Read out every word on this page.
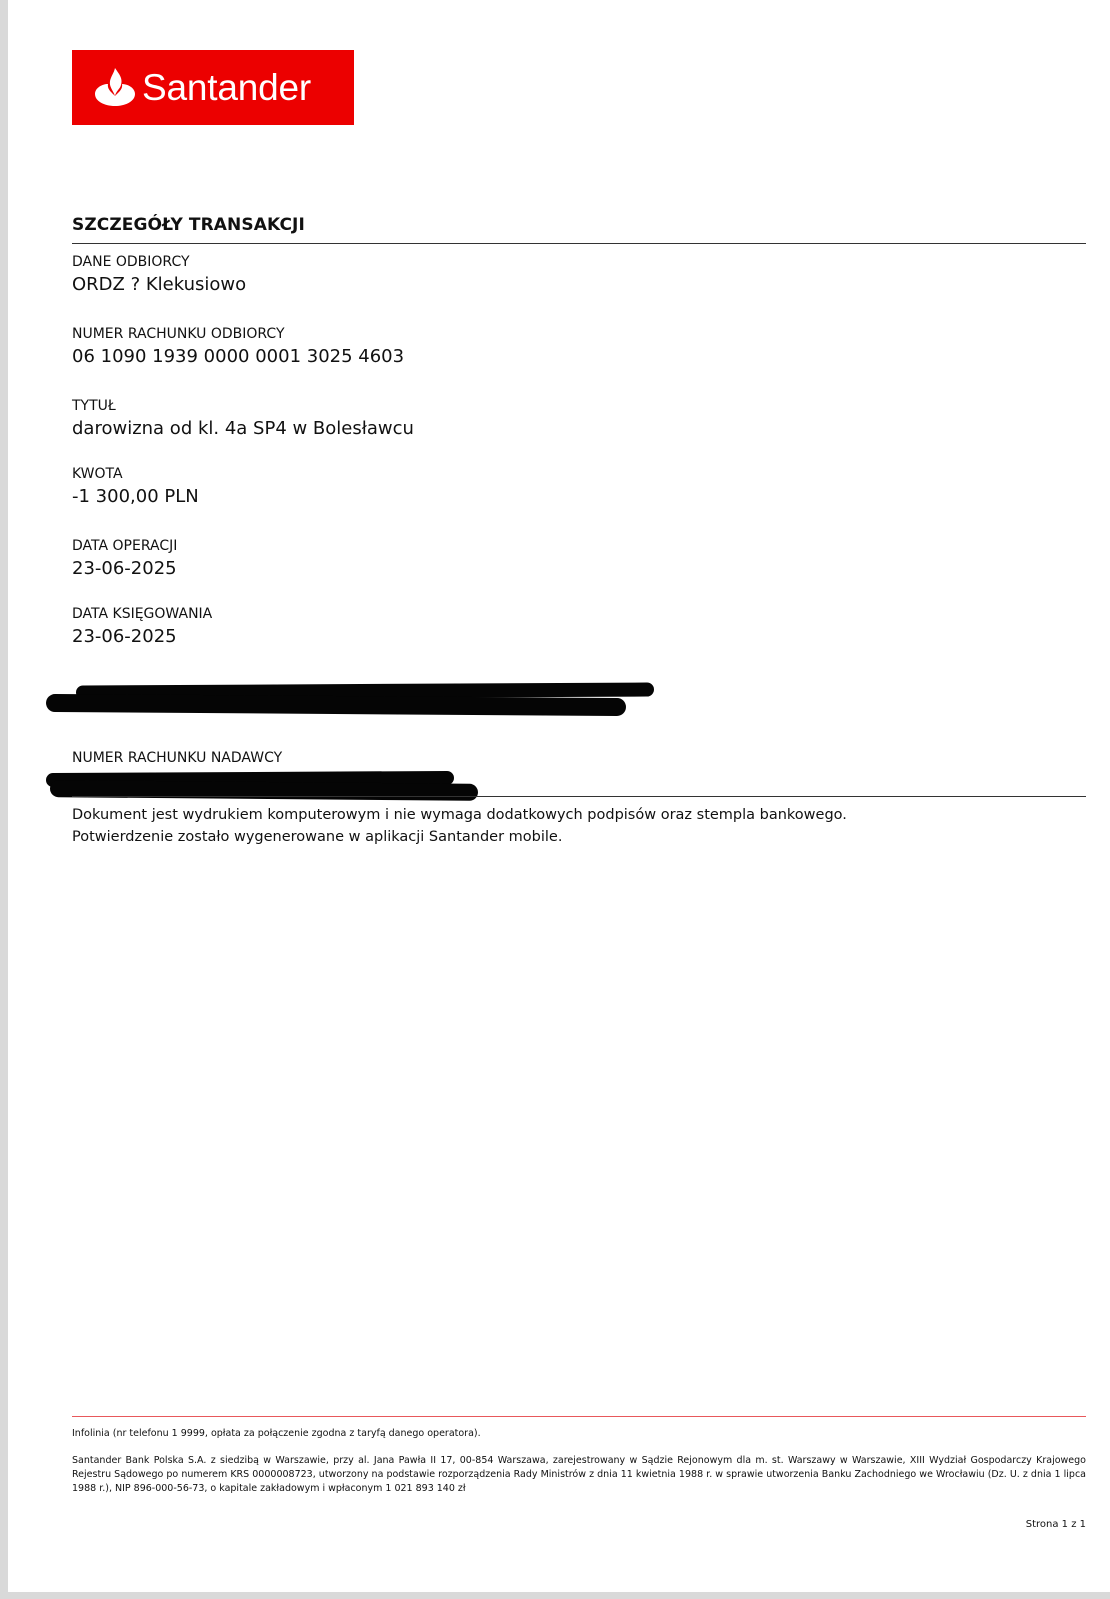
Santander
SZCZEGÓŁY TRANSAKCJI
DANE ODBIORCY
ORDZ ? Klekusiowo
NUMER RACHUNKU ODBIORCY
06 1090 1939 0000 0001 3025 4603
TYTUŁ
darowizna od kl. 4a SP4 w Bolesławcu
KWOTA
-1 300,00 PLN
DATA OPERACJI
23-06-2025
DATA KSIĘGOWANIA
23-06-2025
NUMER RACHUNKU NADAWCY
Dokument jest wydrukiem komputerowym i nie wymaga dodatkowych podpisów oraz stempla bankowego.
Potwierdzenie zostało wygenerowane w aplikacji Santander mobile.
Infolinia (nr telefonu 1 9999, opłata za połączenie zgodna z taryfą danego operatora).
Santander Bank Polska S.A. z siedzibą w Warszawie, przy al. Jana Pawła II 17, 00-854 Warszawa, zarejestrowany w Sądzie Rejonowym dla m. st. Warszawy w Warszawie, XIII Wydział Gospodarczy Krajowego Rejestru Sądowego po numerem KRS 0000008723, utworzony na podstawie rozporządzenia Rady Ministrów z dnia 11 kwietnia 1988 r. w sprawie utworzenia Banku Zachodniego we Wrocławiu (Dz. U. z dnia 1 lipca 1988 r.), NIP 896-000-56-73, o kapitale zakładowym i wpłaconym 1 021 893 140 zł
Strona 1 z 1
